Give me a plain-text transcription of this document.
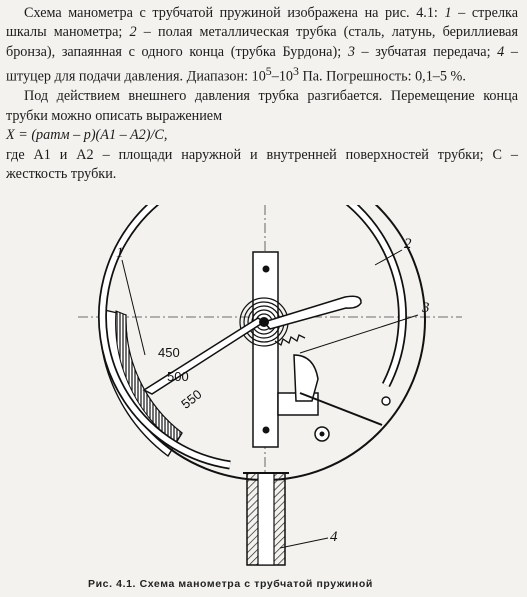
Схема манометра с трубчатой пружиной изображена на рис. 4.1: 1 – стрелка шкалы манометра; 2 – полая металлическая трубка (сталь, латунь, бериллиевая бронза), запаянная с одного конца (трубка Бурдона); 3 – зубчатая передача; 4 – штуцер для подачи давления. Диапазон: $10^5-10^3$ Па. Погрешность: 0,1–5 %.

Под действием внешнего давления трубка разгибается. Перемещение конца трубки можно описать выражением

X = (pатм – p)(A1 – A2)/C,

где A1 и A2 – площади наружной и внутренней поверхностей трубки; C – жесткость трубки.

450
500
550
1
2
3
4
Рис. 4.1. Схема манометра с трубчатой пружиной
